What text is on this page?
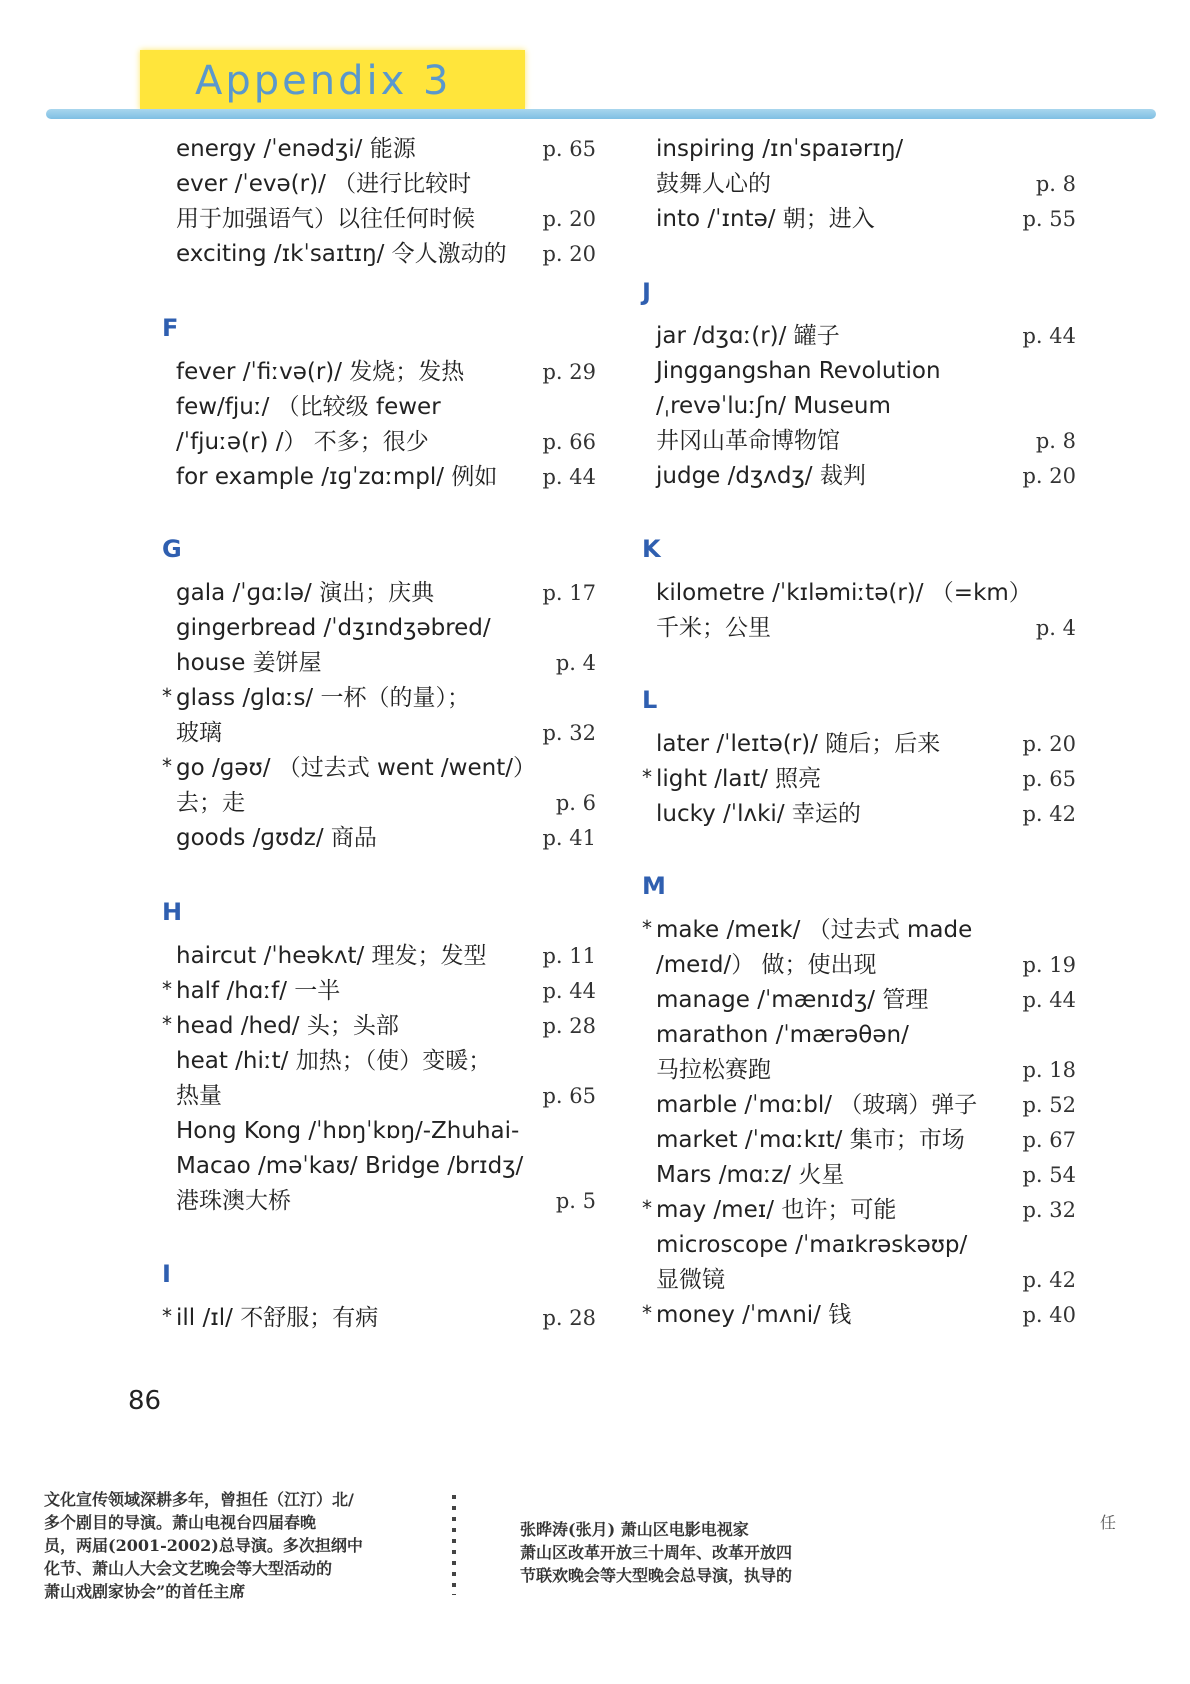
Appendix 3
energy /ˈenədʒi/ 能源	p. 65
ever /ˈevə(r)/ （进行比较时
用于加强语气）以往任何时候	p. 20
exciting /ɪkˈsaɪtɪŋ/ 令人激动的 p. 20
F
fever /ˈfiːvə(r)/ 发烧；发热	p. 29
few/fjuː/ （比较级 fewer
/ˈfjuːə(r) /） 不多；很少	p. 66
for example /ɪɡˈzɑːmpl/ 例如 p. 44
G
gala /ˈɡɑːlə/ 演出；庆典	p. 17
gingerbread /ˈdʒɪndʒəbred/
house 姜饼屋	p. 4
* glass /ɡlɑːs/ 一杯（的量）；
玻璃	p. 32
* go /ɡəʊ/ （过去式 went /went/）
去；走	p. 6
goods /ɡʊdz/ 商品	p. 41
H
haircut /ˈheəkʌt/ 理发；发型	p. 11
* half /hɑːf/ 一半	p. 44
* head /hed/ 头；头部	p. 28
heat /hiːt/ 加热；（使）变暖；
热量	p. 65
Hong Kong /ˈhɒŋˈkɒŋ/-Zhuhai-
Macao /məˈkaʊ/ Bridge /brɪdʒ/
港珠澳大桥	p. 5
I
* ill /ɪl/ 不舒服；有病	p. 28
inspiring /ɪnˈspaɪərɪŋ/
鼓舞人心的	p. 8
into /ˈɪntə/ 朝；进入	p. 55
J
jar /dʒɑː(r)/ 罐子	p. 44
Jinggangshan Revolution
/ˌrevəˈluːʃn/ Museum
井冈山革命博物馆	p. 8
judge /dʒʌdʒ/ 裁判	p. 20
K
kilometre /ˈkɪləmiːtə(r)/ （=km）
千米；公里	p. 4
L
later /ˈleɪtə(r)/ 随后；后来	p. 20
* light /laɪt/ 照亮	p. 65
lucky /ˈlʌki/ 幸运的	p. 42
M
* make /meɪk/ （过去式 made
/meɪd/） 做；使出现	p. 19
manage /ˈmænɪdʒ/ 管理	p. 44
marathon /ˈmærəθən/
马拉松赛跑	p. 18
marble /ˈmɑːbl/ （玻璃）弹子 p. 52
market /ˈmɑːkɪt/ 集市；市场	p. 67
Mars /mɑːz/ 火星	p. 54
* may /meɪ/ 也许；可能	p. 32
microscope /ˈmaɪkrəskəʊp/
显微镜	p. 42
* money /ˈmʌni/ 钱	p. 40
86
文化宣传领域深耕多年，曾担任（江汀）北/
多个剧目的导演。萧山电视台四届春晚
员，两届(2001-2002)总导演。多次担纲中
化节、萧山人大会文艺晚会等大型活动的
萧山戏剧家协会”的首任主席
张晔涛(张月) 萧山区电影电视家
萧山区改革开放三十周年、改革开放四
节联欢晚会等大型晚会总导演，执导的
任
